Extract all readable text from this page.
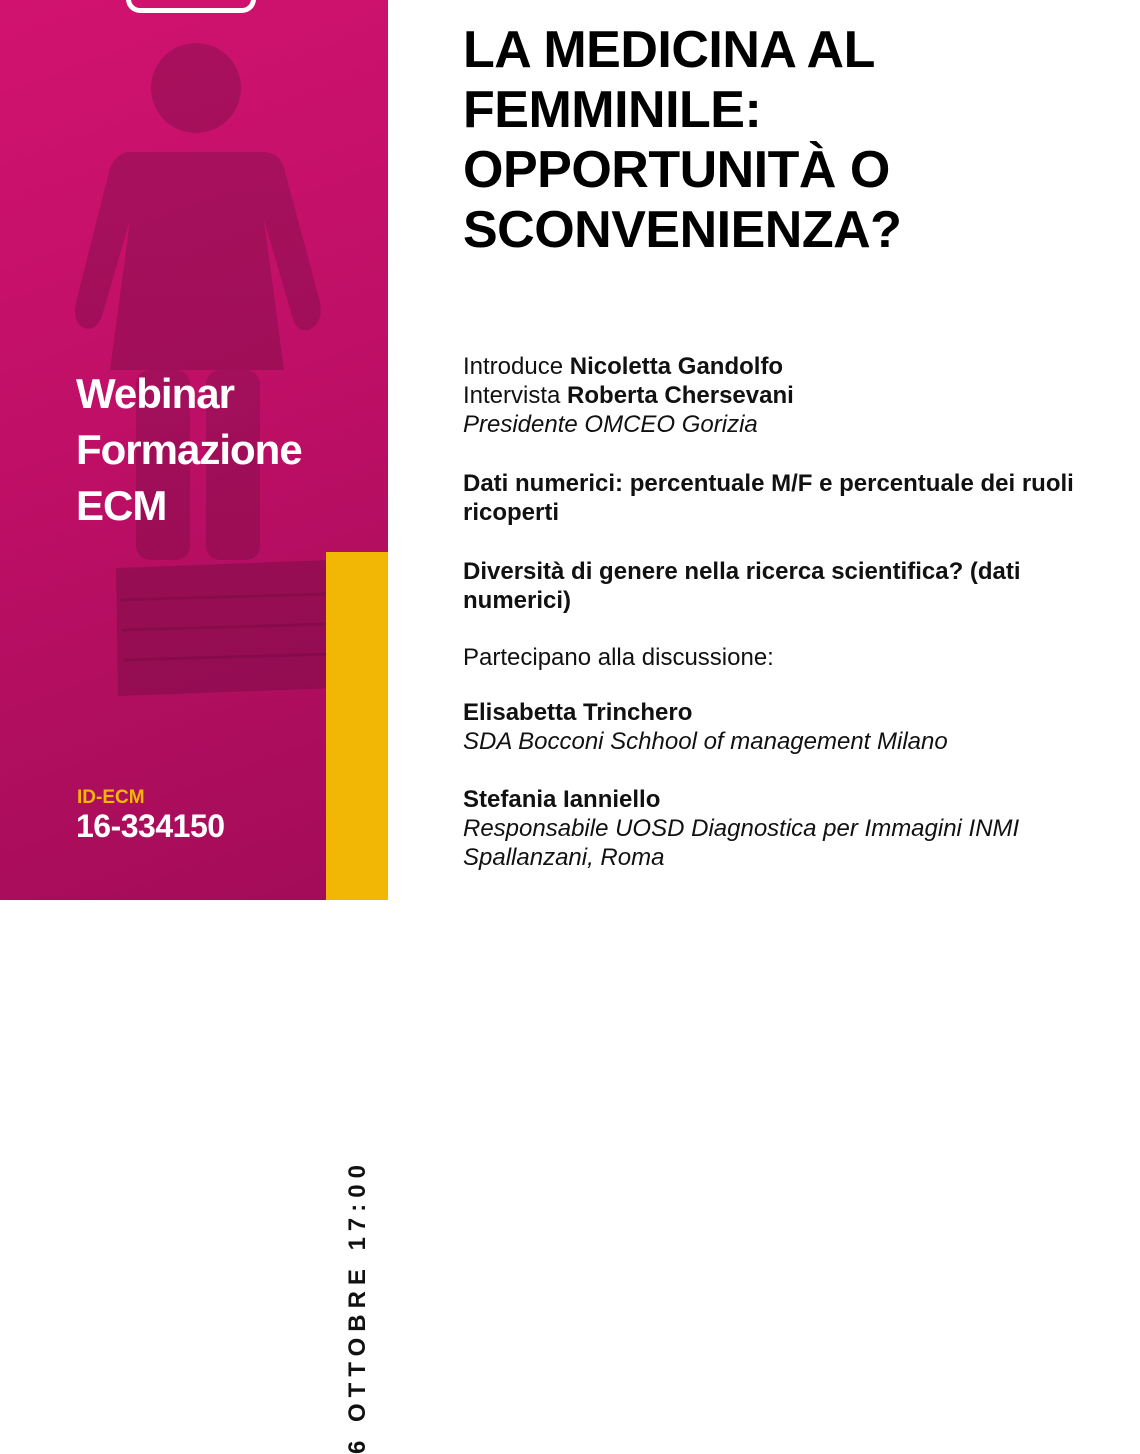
Webinar
Formazione
ECM
ID-ECM
16-334150
6 OTTOBRE 17:00
LA MEDICINA AL
FEMMINILE:
OPPORTUNITÀ O
SCONVENIENZA?

Introduce Nicoletta Gandolfo

Intervista Roberta Chersevani

Presidente OMCEO Gorizia

Dati numerici: percentuale M/F e percentuale dei ruoli ricoperti

Diversità di genere nella ricerca scientifica? (dati numerici)

Partecipano alla discussione:

Elisabetta Trinchero

SDA Bocconi Schhool of management Milano

Stefania Ianniello

Responsabile UOSD Diagnostica per Immagini INMI Spallanzani, Roma
